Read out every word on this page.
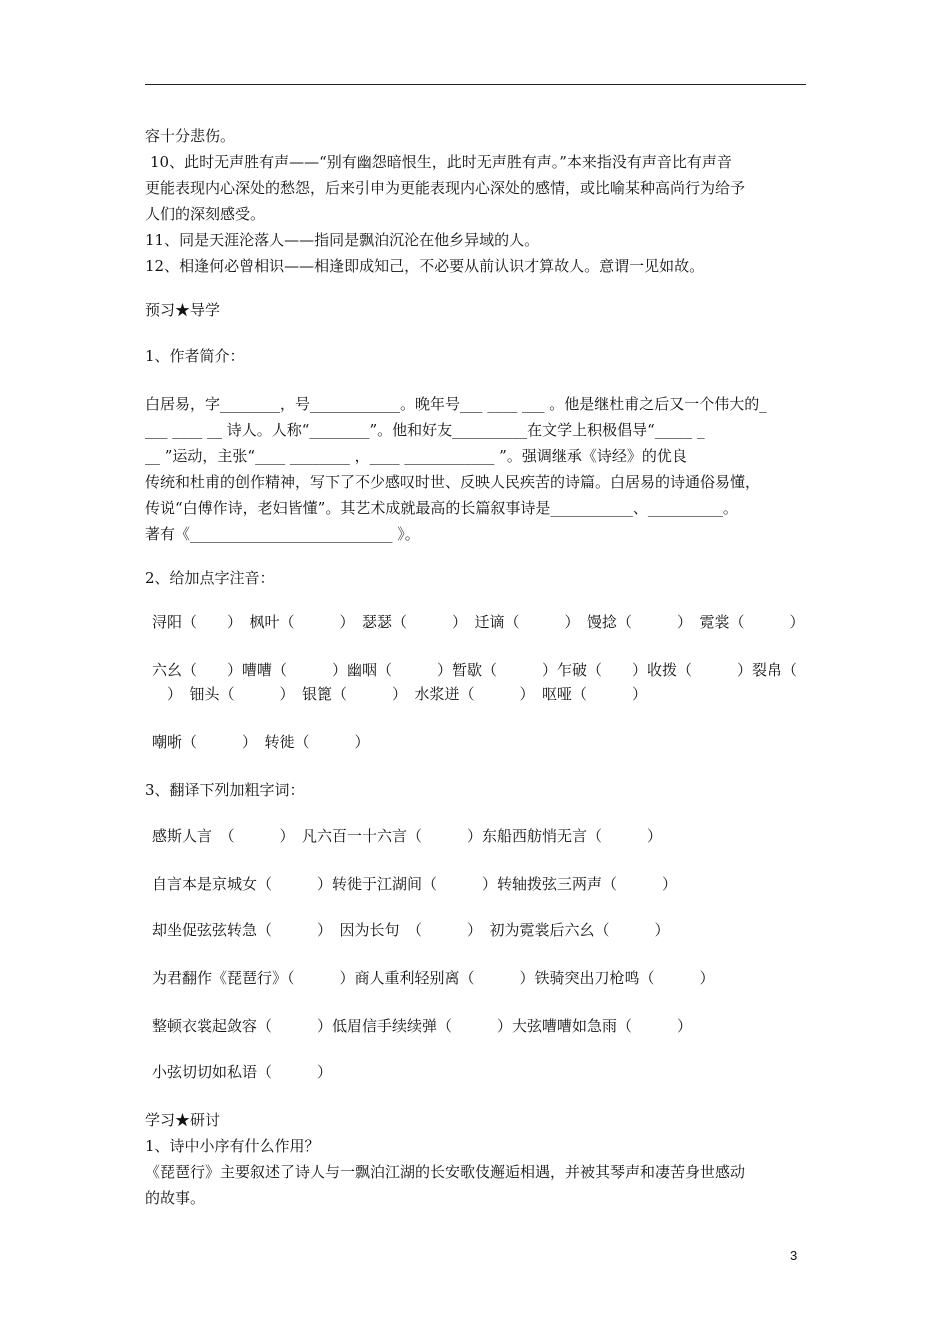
容十分悲伤。
10、此时无声胜有声——“别有幽怨暗恨生，此时无声胜有声。”本来指没有声音比有声音
更能表现内心深处的愁怨，后来引申为更能表现内心深处的感情，或比喻某种高尚行为给予
人们的深刻感受。
11、同是天涯沦落人——指同是飘泊沉沦在他乡异域的人。
12、相逢何必曾相识——相逢即成知己，不必要从前认识才算故人。意谓一见如故。
预习★导学
1、作者简介：
白居易，字________，号____________。晚年号___ ____ ___ 。他是继杜甫之后又一个伟大的_
___ ____ __ 诗人。人称“________”。他和好友__________在文学上积极倡导“_____ _
__ ”运动，主张“____ ________ ，____ ____________ ”。强调继承《诗经》的优良
传统和杜甫的创作精神，写下了不少感叹时世、反映人民疾苦的诗篇。白居易的诗通俗易懂，
传说“白傅作诗，老妇皆懂”。其艺术成就最高的长篇叙事诗是___________、__________。
著有《___________________________ 》。
2、给加点字注音：
浔阳（　　）　枫叶（　　　）　瑟瑟（　　　）　迁谪（　　　）　馒捻（　　　）　霓裳（　　　）
六幺（　　）嘈嘈（　　　）幽咽（　　　）暂歇（　　　）乍破（　　）收拨（　　　）裂帛（
　）　钿头（　　　）　银篦（　　　）　水浆迸（　　　）　呕哑（　　　）
嘲哳（　　　）　转徙（　　　）
3、翻译下列加粗字词：
感斯人言　（　　　）　凡六百一十六言（　　　）东船西舫悄无言（　　　）
自言本是京城女（　　　）转徙于江湖间（　　　）转轴拨弦三两声（　　　）
却坐促弦弦转急（　　　）　因为长句　（　　　）　初为霓裳后六幺（　　　）
为君翻作《琵琶行》（　　　）商人重利轻别离（　　　）铁骑突出刀枪鸣（　　　）
整顿衣裳起敛容（　　　）低眉信手续续弹（　　　）大弦嘈嘈如急雨（　　　）
小弦切切如私语（　　　）
学习★研讨
1、诗中小序有什么作用？
《琵琶行》主要叙述了诗人与一飘泊江湖的长安歌伎邂逅相遇，并被其琴声和凄苦身世感动
的故事。
3
